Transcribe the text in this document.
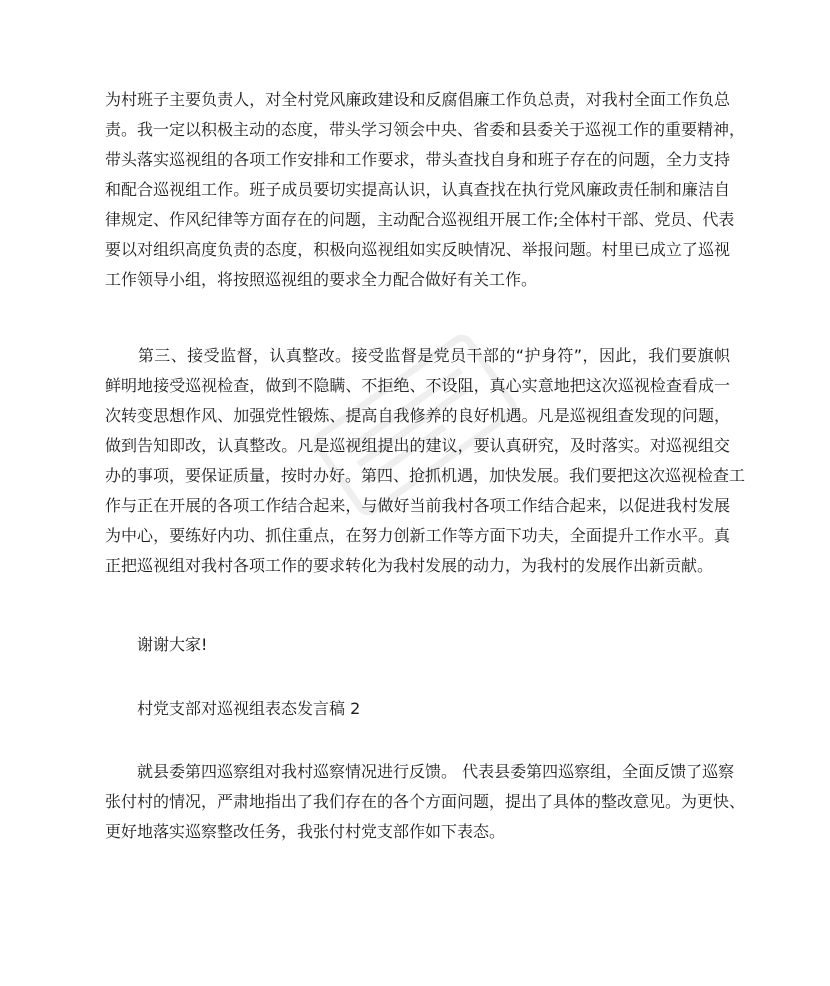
为村班子主要负责人，对全村党风廉政建设和反腐倡廉工作负总责，对我村全面工作负总
责。我一定以积极主动的态度，带头学习领会中央、省委和县委关于巡视工作的重要精神，
带头落实巡视组的各项工作安排和工作要求，带头查找自身和班子存在的问题，全力支持
和配合巡视组工作。班子成员要切实提高认识，认真查找在执行党风廉政责任制和廉洁自
律规定、作风纪律等方面存在的问题，主动配合巡视组开展工作;全体村干部、党员、代表
要以对组织高度负责的态度，积极向巡视组如实反映情况、举报问题。村里已成立了巡视
工作领导小组，将按照巡视组的要求全力配合做好有关工作。
　　第三、接受监督，认真整改。接受监督是党员干部的“护身符”，因此，我们要旗帜
鲜明地接受巡视检查，做到不隐瞒、不拒绝、不设阻，真心实意地把这次巡视检查看成一
次转变思想作风、加强党性锻炼、提高自我修养的良好机遇。凡是巡视组查发现的问题，
做到告知即改，认真整改。凡是巡视组提出的建议，要认真研究，及时落实。对巡视组交
办的事项，要保证质量，按时办好。第四、抢抓机遇，加快发展。我们要把这次巡视检查工
作与正在开展的各项工作结合起来，与做好当前我村各项工作结合起来，以促进我村发展
为中心，要练好内功、抓住重点，在努力创新工作等方面下功夫，全面提升工作水平。真
正把巡视组对我村各项工作的要求转化为我村发展的动力，为我村的发展作出新贡献。
　　谢谢大家!
　　村党支部对巡视组表态发言稿 2
　　就县委第四巡察组对我村巡察情况进行反馈。 代表县委第四巡察组，全面反馈了巡察
张付村的情况，严肃地指出了我们存在的各个方面问题，提出了具体的整改意见。为更快、
更好地落实巡察整改任务，我张付村党支部作如下表态。
